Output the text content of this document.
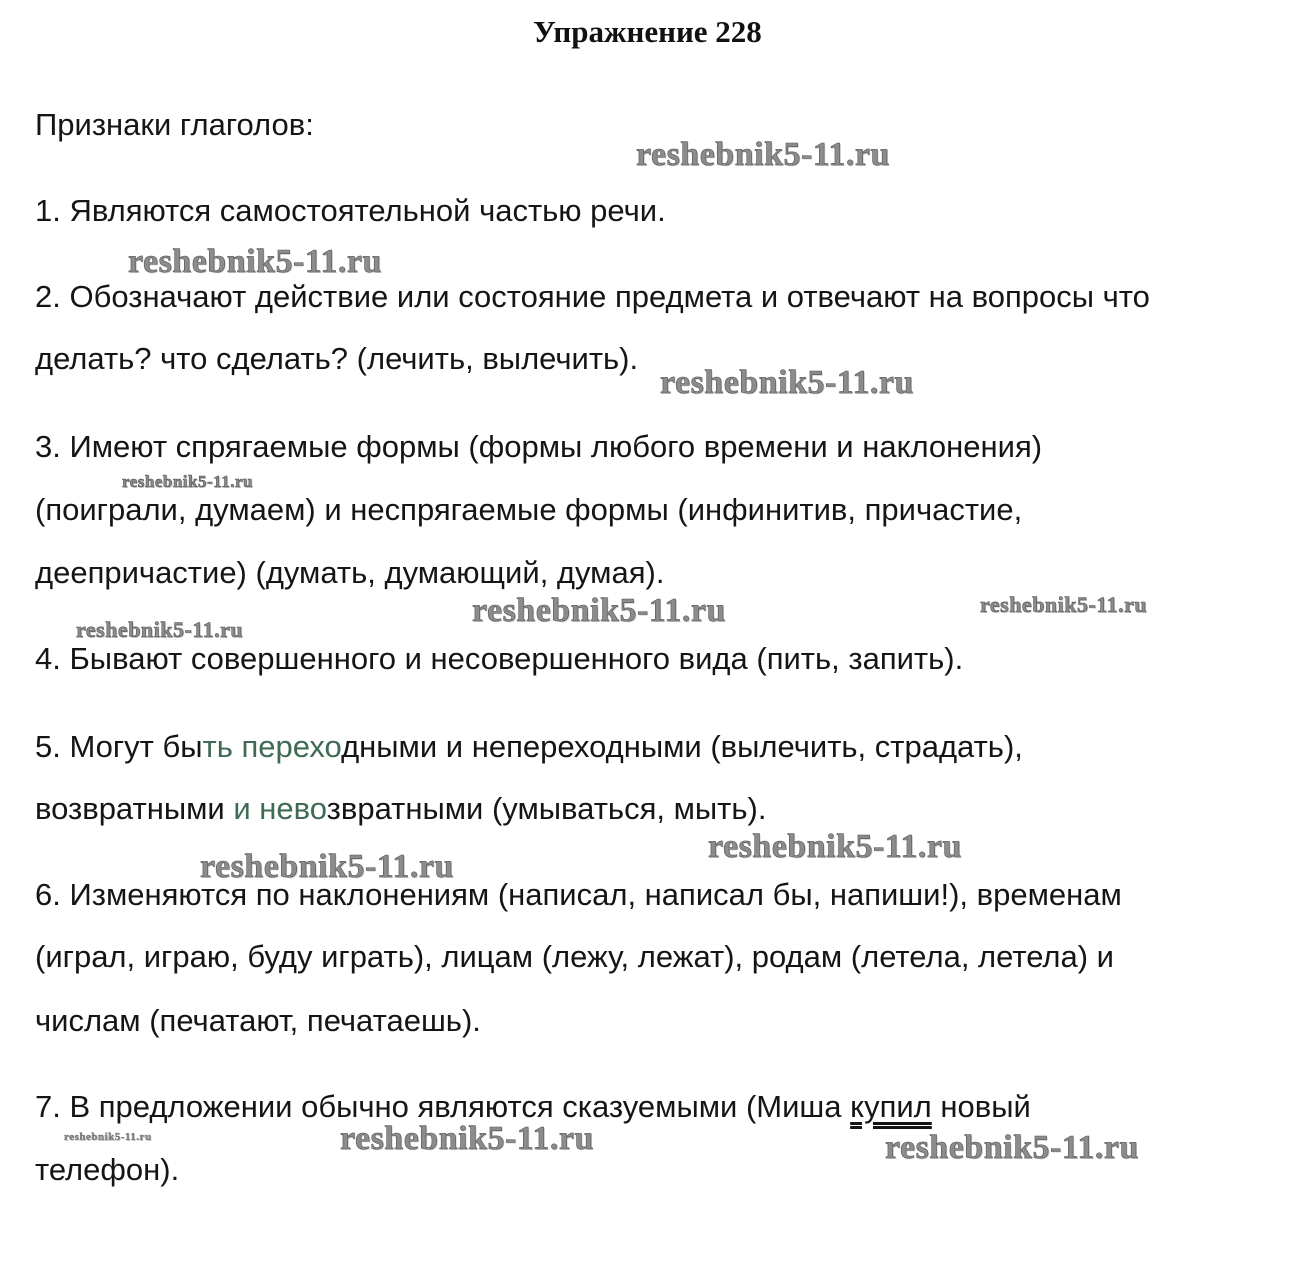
Упражнение 228
Признаки глаголов:
1. Являются самостоятельной частью речи.
2. Обозначают действие или состояние предмета и отвечают на вопросы что
делать? что сделать? (лечить, вылечить).
3. Имеют спрягаемые формы (формы любого времени и наклонения)
(поиграли, думаем) и неспрягаемые формы (инфинитив, причастие,
деепричастие) (думать, думающий, думая).
4. Бывают совершенного и несовершенного вида (пить, запить).
5. Могут быть переходными и непереходными (вылечить, страдать),
возвратными и невозвратными (умываться, мыть).
6. Изменяются по наклонениям (написал, написал бы, напиши!), временам
(играл, играю, буду играть), лицам (лежу, лежат), родам (летела, летела) и
числам (печатают, печатаешь).
7. В предложении обычно являются сказуемыми (Миша купил новый
телефон).
reshebnik5-11.ru
reshebnik5-11.ru
reshebnik5-11.ru
reshebnik5-11.ru
reshebnik5-11.ru	reshebnik5-11.ru
reshebnik5-11.ru
reshebnik5-11.ru
reshebnik5-11.ru
reshebnik5-11.ru	reshebnik5-11.ru	reshebnik5-11.ru
